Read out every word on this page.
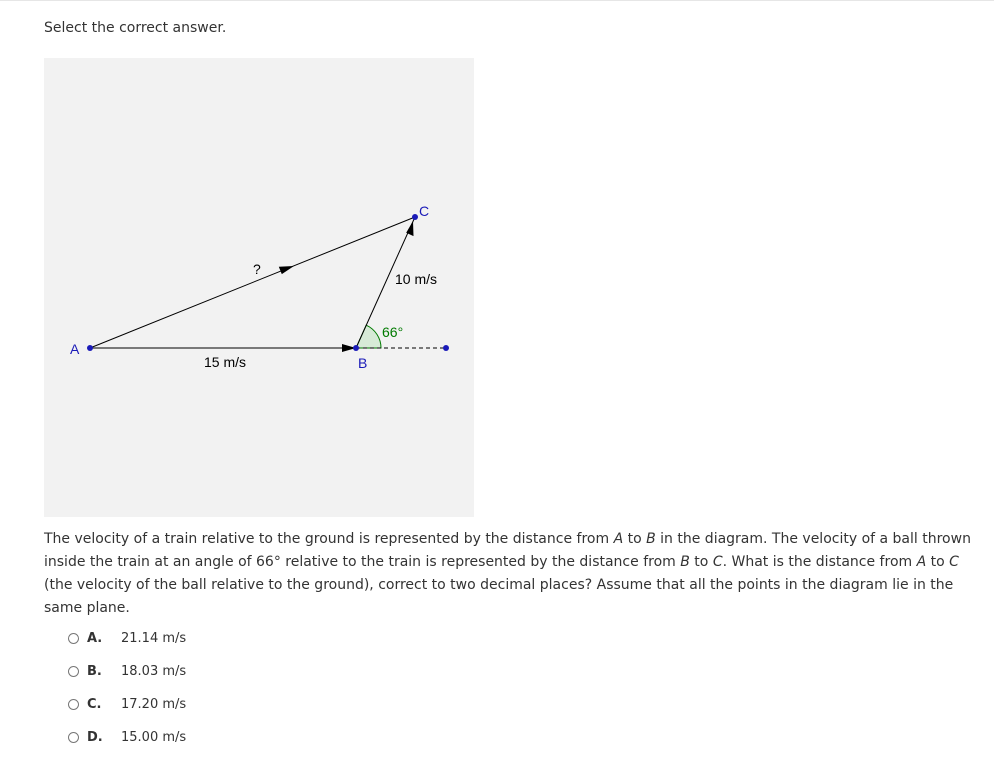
Select the correct answer.
A
B
C
15 m/s
10 m/s
?
66°
The velocity of a train relative to the ground is represented by the distance from A to B in the diagram. The velocity of a ball thrown inside the train at an angle of 66° relative to the train is represented by the distance from B to C. What is the distance from A to C (the velocity of the ball relative to the ground), correct to two decimal places? Assume that all the points in the diagram lie in the same plane.
A.	21.14 m/s
B.	18.03 m/s
C.	17.20 m/s
D.	15.00 m/s
